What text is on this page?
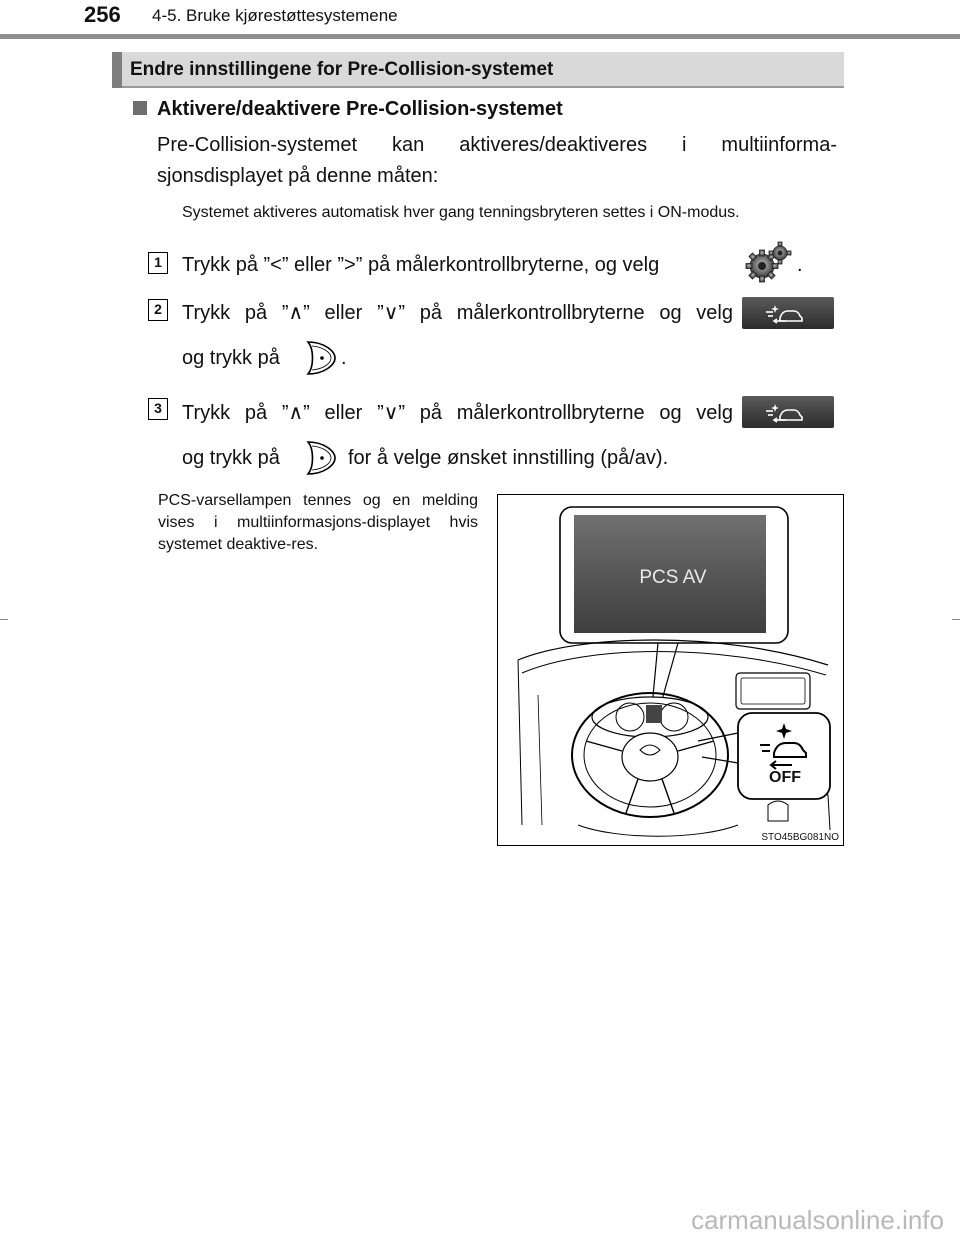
256 4-5. Bruke kjørestøttesystemene
Endre innstillingene for Pre-Collision-systemet
Aktivere/deaktivere Pre-Collision-systemet
Pre-Collision-systemet kan aktiveres/deaktiveres i multiinforma-sjonsdisplayet på denne måten:
Systemet aktiveres automatisk hver gang tenningsbryteren settes i ON-modus.
1	Trykk på ”<” eller ”>” på målerkontrollbryterne, og velg	.
2	Trykk på ”∧” eller ”∨” på målerkontrollbryterne og velg
og trykk på	.
3	Trykk på ”∧” eller ”∨” på målerkontrollbryterne og velg
og trykk på	for å velge ønsket innstilling (på/av).
PCS-varsellampen tennes og en melding vises i multiinformasjons-displayet hvis systemet deaktive-res.
PCS AV
OFF
STO45BG081NO
carmanualsonline.info
